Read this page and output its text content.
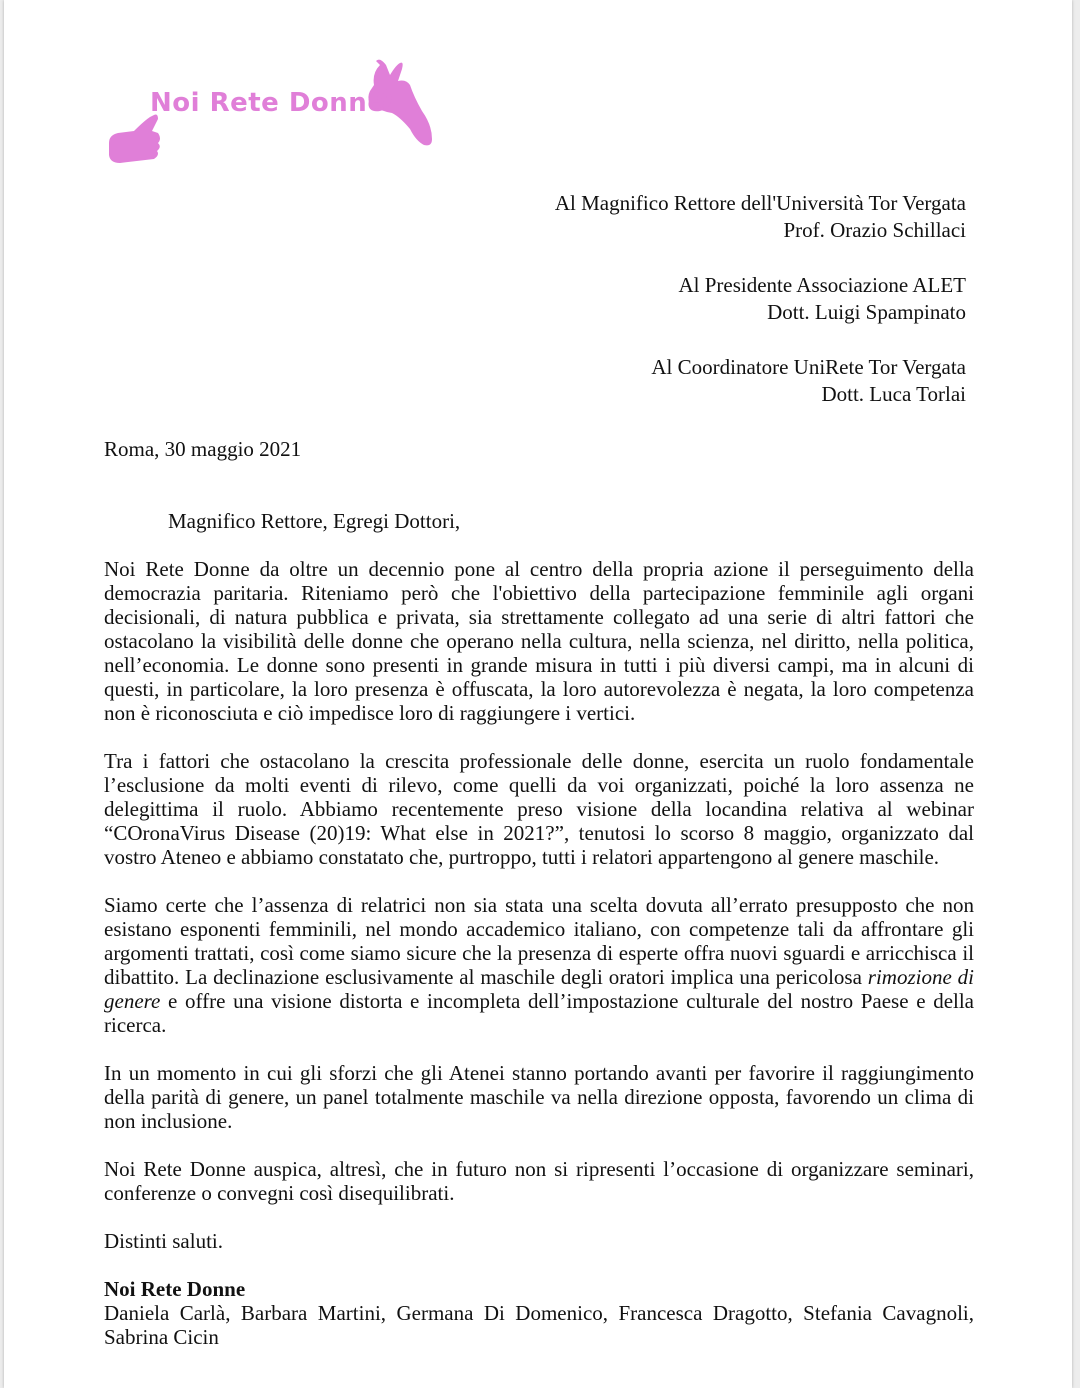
Noi Rete Donne
Al Magnifico Rettore dell'Università Tor Vergata
Prof. Orazio Schillaci
Al Presidente Associazione ALET
Dott. Luigi Spampinato
Al Coordinatore UniRete Tor Vergata
Dott. Luca Torlai
Roma, 30 maggio 2021
Magnifico Rettore, Egregi Dottori,

Noi Rete Donne da oltre un decennio pone al centro della propria azione il perseguimento della democrazia paritaria. Riteniamo però che l'obiettivo della partecipazione femminile agli organi decisionali, di natura pubblica e privata, sia strettamente collegato ad una serie di altri fattori che ostacolano la visibilità delle donne che operano nella cultura, nella scienza, nel diritto, nella politica, nell’economia. Le donne sono presenti in grande misura in tutti i più diversi campi, ma in alcuni di questi, in particolare, la loro presenza è offuscata, la loro autorevolezza è negata, la loro competenza non è riconosciuta e ciò impedisce loro di raggiungere i vertici.

Tra i fattori che ostacolano la crescita professionale delle donne, esercita un ruolo fondamentale l’esclusione da molti eventi di rilevo, come quelli da voi organizzati, poiché la loro assenza ne delegittima il ruolo. Abbiamo recentemente preso visione della locandina relativa al webinar “COronaVirus Disease (20)19: What else in 2021?”, tenutosi lo scorso 8 maggio, organizzato dal vostro Ateneo e abbiamo constatato che, purtroppo, tutti i relatori appartengono al genere maschile.

Siamo certe che l’assenza di relatrici non sia stata una scelta dovuta all’errato presupposto che non esistano esponenti femminili, nel mondo accademico italiano, con competenze tali da affrontare gli argomenti trattati, così come siamo sicure che la presenza di esperte offra nuovi sguardi e arricchisca il dibattito. La declinazione esclusivamente al maschile degli oratori implica una pericolosa rimozione di genere e offre una visione distorta e incompleta dell’impostazione culturale del nostro Paese e della ricerca.

In un momento in cui gli sforzi che gli Atenei stanno portando avanti per favorire il raggiungimento della parità di genere, un panel totalmente maschile va nella direzione opposta, favorendo un clima di non inclusione.

Noi Rete Donne auspica, altresì, che in futuro non si ripresenti l’occasione di organizzare seminari, conferenze o convegni così disequilibrati.

Distinti saluti.

Noi Rete Donne
Daniela Carlà, Barbara Martini, Germana Di Domenico, Francesca Dragotto, Stefania Cavagnoli, Sabrina Cicin
